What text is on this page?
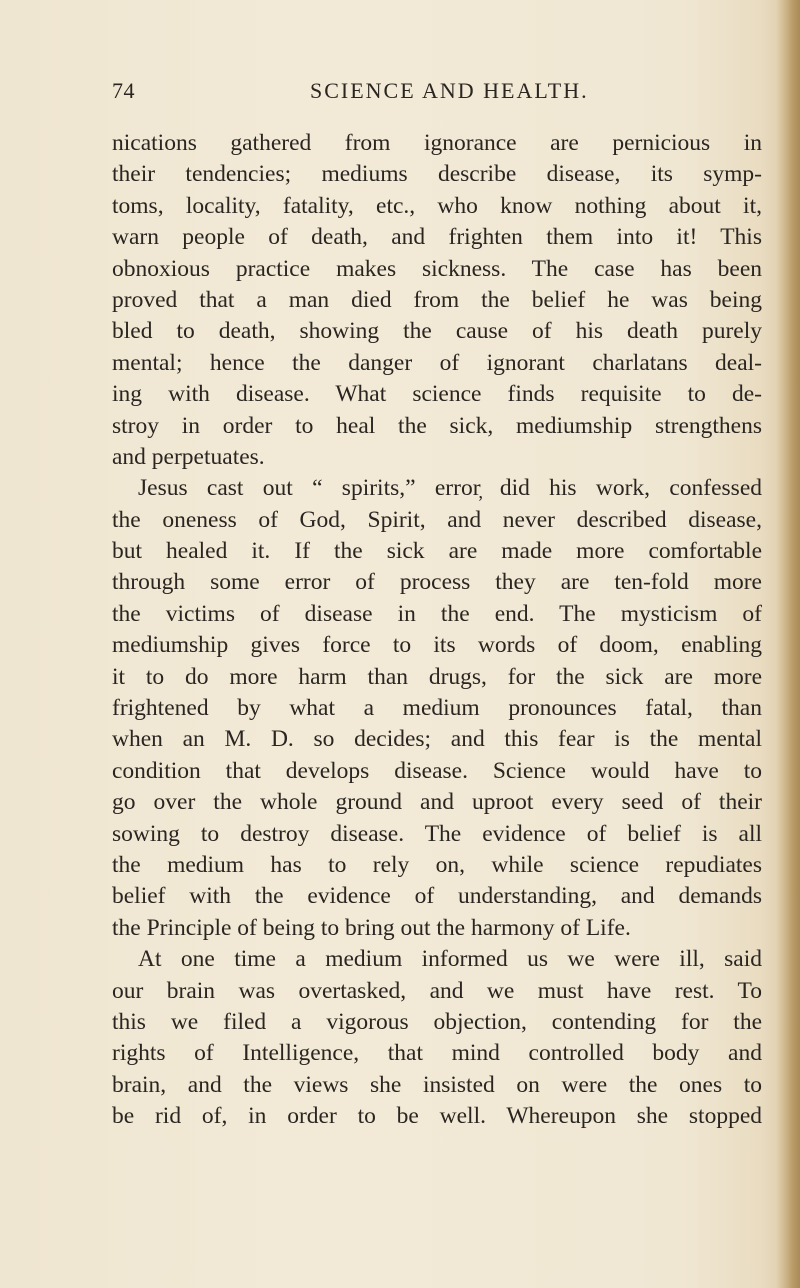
74	SCIENCE AND HEALTH.
nications gathered from ignorance are pernicious in
their tendencies; mediums describe disease, its symp-
toms, locality, fatality, etc., who know nothing about it,
warn people of death, and frighten them into it! This
obnoxious practice makes sickness. The case has been
proved that a man died from the belief he was being
bled to death, showing the cause of his death purely
mental; hence the danger of ignorant charlatans deal-
ing with disease. What science finds requisite to de-
stroy in order to heal the sick, mediumship strengthens
and perpetuates.
Jesus cast out “ spirits,” error̦ did his work, confessed
the oneness of God, Spirit, and never described disease,
but healed it. If the sick are made more comfortable
through some error of process they are ten-fold more
the victims of disease in the end. The mysticism of
mediumship gives force to its words of doom, enabling
it to do more harm than drugs, for the sick are more
frightened by what a medium pronounces fatal, than
when an M. D. so decides; and this fear is the mental
condition that develops disease. Science would have to
go over the whole ground and uproot every seed of their
sowing to destroy disease. The evidence of belief is all
the medium has to rely on, while science repudiates
belief with the evidence of understanding, and demands
the Principle of being to bring out the harmony of Life.
At one time a medium informed us we were ill, said
our brain was overtasked, and we must have rest. To
this we filed a vigorous objection, contending for the
rights of Intelligence, that mind controlled body and
brain, and the views she insisted on were the ones to
be rid of, in order to be well. Whereupon she stopped
